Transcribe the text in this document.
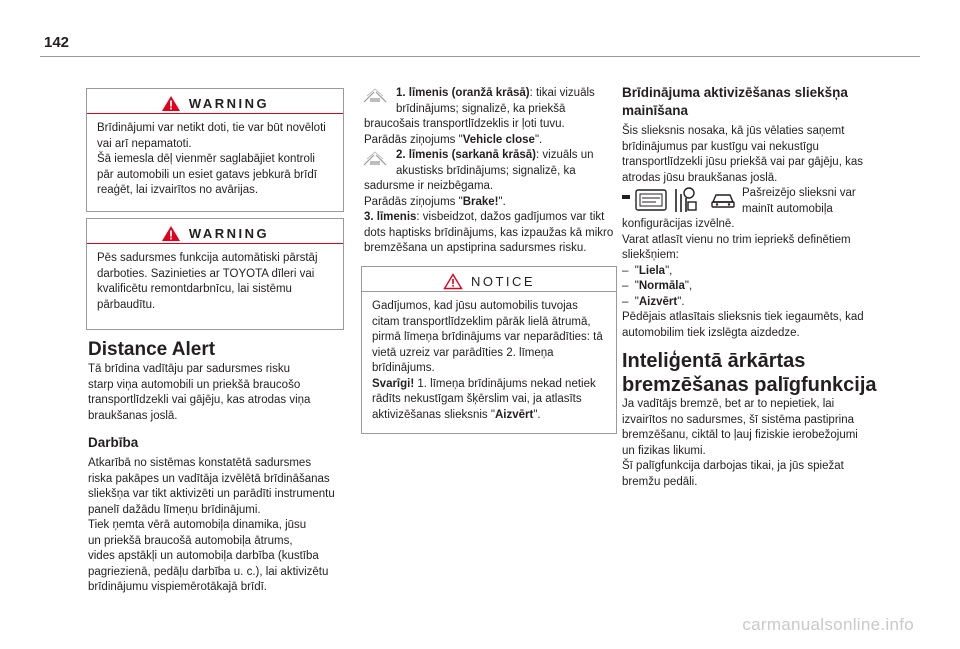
142
WARNING
Brīdinājumi var netikt doti, tie var būt novēloti
vai arī nepamatoti.
Šā iemesla dēļ vienmēr saglabājiet kontroli
pār automobili un esiet gatavs jebkurā brīdī
reaģēt, lai izvairītos no avārijas.
WARNING
Pēs sadursmes funkcija automātiski pārstāj
darboties. Sazinieties ar TOYOTA dīleri vai
kvalificētu remontdarbnīcu, lai sistēmu
pārbaudītu.
Distance Alert
Tā brīdina vadītāju par sadursmes risku
starp viņa automobili un priekšā braucošo
transportlīdzekli vai gājēju, kas atrodas viņa
braukšanas joslā.
Darbība
Atkarībā no sistēmas konstatētā sadursmes
riska pakāpes un vadītāja izvēlētā brīdināšanas
sliekšņa var tikt aktivizēti un parādīti instrumentu
panelī dažādu līmeņu brīdinājumi.
Tiek ņemta vērā automobiļa dinamika, jūsu
un priekšā braucošā automobiļa ātrums,
vides apstākļi un automobiļa darbība (kustība
pagriezienā, pedāļu darbība u. c.), lai aktivizētu
brīdinājumu vispiemērotākajā brīdī.
1. līmenis (oranžā krāsā): tikai vizuāls
brīdinājums; signalizē, ka priekšā
braucošais transportlīdzeklis ir ļoti tuvu.
Parādās ziņojums "Vehicle close".
2. līmenis (sarkanā krāsā): vizuāls un
akustisks brīdinājums; signalizē, ka
sadursme ir neizbēgama.
Parādās ziņojums "Brake!".
3. līmenis: visbeidzot, dažos gadījumos var tikt
dots haptisks brīdinājums, kas izpaužas kā mikro
bremzēšana un apstiprina sadursmes risku.
NOTICE
Gadījumos, kad jūsu automobilis tuvojas
citam transportlīdzeklim pārāk lielā ātrumā,
pirmā līmeņa brīdinājums var neparādīties: tā
vietā uzreiz var parādīties 2. līmeņa
brīdinājums.
Svarīgi! 1. līmeņa brīdinājums nekad netiek
rādīts nekustīgam šķērslim vai, ja atlasīts
aktivizēšanas slieksnis "Aizvērt".
Brīdinājuma aktivizēšanas sliekšņa
mainīšana
Šis slieksnis nosaka, kā jūs vēlaties saņemt
brīdinājumus par kustīgu vai nekustīgu
transportlīdzekli jūsu priekšā vai par gājēju, kas
atrodas jūsu braukšanas joslā.
Pašreizējo slieksni var
mainīt automobiļa
konfigurācijas izvēlnē.
Varat atlasīt vienu no trim iepriekš definētiem
sliekšņiem:
–  "Liela",
–  "Normāla",
–  "Aizvērt".
Pēdējais atlasītais slieksnis tiek iegaumēts, kad
automobilim tiek izslēgta aizdedze.
Inteliģentā ārkārtas
bremzēšanas palīgfunkcija
Ja vadītājs bremzē, bet ar to nepietiek, lai
izvairītos no sadursmes, šī sistēma pastiprina
bremzēšanu, ciktāl to ļauj fiziskie ierobežojumi
un fizikas likumi.
Šī palīgfunkcija darbojas tikai, ja jūs spiežat
bremžu pedāli.
carmanualsonline.info
